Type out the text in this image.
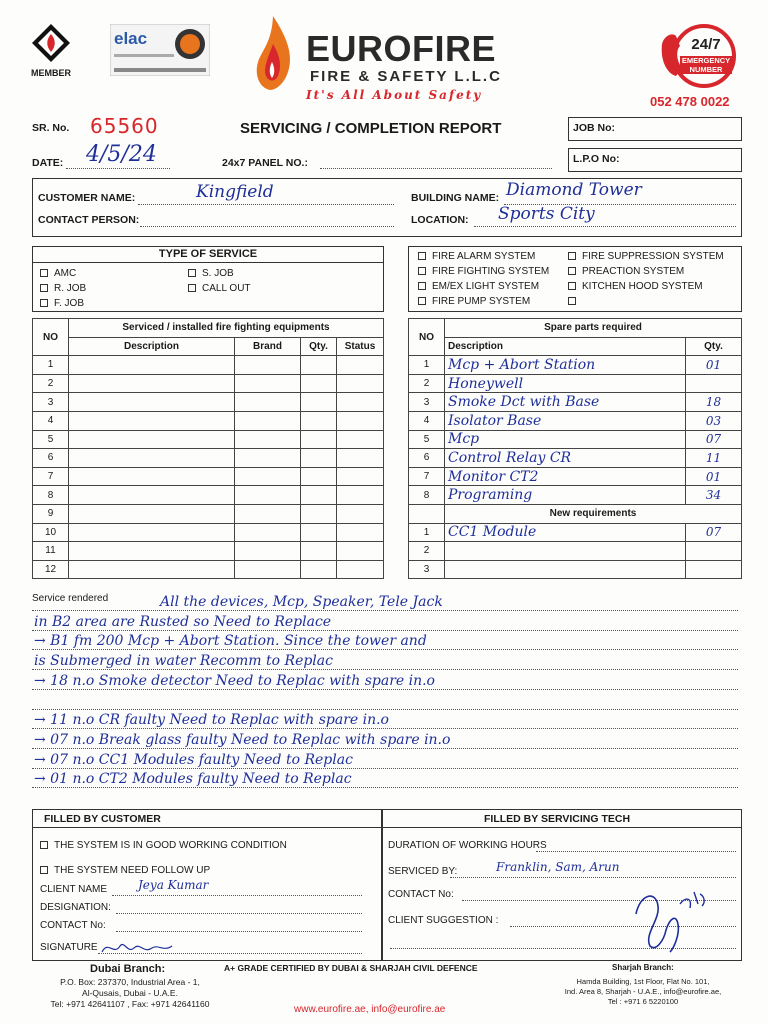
MEMBER
elac	EUROFIRE
FIRE & SAFETY L.L.C
It's All About Safety
24/7
EMERGENCY NUMBER
052 478 0022
SR. No. 65560	SERVICING / COMPLETION REPORT	JOB No:
DATE: 4/5/24	24x7 PANEL NO.:	L.P.O No:
CUSTOMER NAME:	Kingfield
CONTACT PERSON:
BUILDING NAME: Diamond Tower
LOCATION: Sports City
TYPE OF SERVICE
AMC
R. JOB
F. JOB
S. JOB
CALL OUT
FIRE ALARM SYSTEM
FIRE FIGHTING SYSTEM
EM/EX LIGHT SYSTEM
FIRE PUMP SYSTEM
FIRE SUPPRESSION SYSTEM
PREACTION SYSTEM
KITCHEN HOOD SYSTEM
NO	Serviced / installed fire fighting equipments			
	Description	Brand	Qty.	Status
1				
2				
3				
4				
5				
6				
7				
8				
9				
10				
11				
12				
NO	Spare parts required	
	Description	Qty.
1	Mcp + Abort Station	01
2	Honeywell	
3	Smoke Dct with Base	18
4	Isolator Base	03
5	Mcp	07
6	Control Relay CR	11
7	Monitor CT2	01
8	Programing	34
	New requirements	
1	CC1 Module	07
2		
3		
Service rendered	All the devices, Mcp, Speaker, Tele Jack
in B2 area are Rusted so Need to Replace
→ B1 fm 200 Mcp + Abort Station. Since the tower and
is Submerged in water Recomm to Replac
→ 18 n.o Smoke detector Need to Replac with spare in.o
→ 11 n.o CR faulty Need to Replac with spare in.o
→ 07 n.o Break glass faulty Need to Replac with spare in.o
→ 07 n.o CC1 Modules faulty Need to Replac
→ 01 n.o CT2 Modules faulty Need to Replac
FILLED BY CUSTOMER
THE SYSTEM IS IN GOOD WORKING CONDITION
THE SYSTEM NEED FOLLOW UP
CLIENT NAME	Jeya Kumar
DESIGNATION:
CONTACT No:
SIGNATURE
FILLED BY SERVICING TECH
DURATION OF WORKING HOURS
SERVICED BY:	Franklin, Sam, Arun
CONTACT No:
CLIENT SUGGESTION :
Dubai Branch:
P.O. Box: 237370, Industrial Area - 1,
Al-Qusais, Dubai - U.A.E.
Tel: +971 42641107 , Fax: +971 42641160
A+ GRADE CERTIFIED BY DUBAI & SHARJAH CIVIL DEFENCE	Sharjah Branch:
Hamda Building, 1st Floor, Flat No. 101,
Ind. Area 8, Sharjah - U.A.E., info@eurofire.ae,
Tel : +971 6 5220100
www.eurofire.ae, info@eurofire.ae
